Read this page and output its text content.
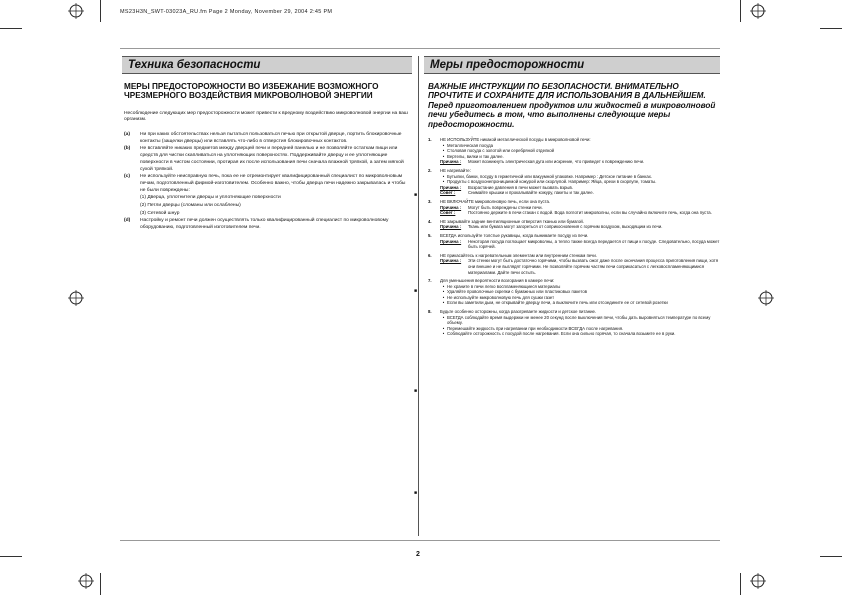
MS23H3N_SWT-03023A_RU.fm Page 2 Monday, November 29, 2004 2:45 PM
Техника безопасности	Меры предосторожности
МЕРЫ ПРЕДОСТОРОЖНОСТИ ВО ИЗБЕЖАНИЕ ВОЗМОЖНОГО ЧРЕЗМЕРНОГО ВОЗДЕЙСТВИЯ МИКРОВОЛНОВОЙ ЭНЕРГИИ
Несоблюдение следующих мер предосторожности может привести к вредному воздействию микроволновой энергии на ваш организм.
(a)	Ни при каких обстоятельствах нельзя пытаться пользоваться печью при открытой дверце, портить блокировочные контакты (защелки дверцы) или вставлять что-либо в отверстия блокировочных контактов.
(b)	Не вставляйте никаких предметов между дверцей печи и передней панелью и не позволяйте остаткам пищи или средств для чистки скапливаться на уплотняющих поверхностях. Поддерживайте дверцу и ее уплотняющие поверхности в чистом состоянии, протирая их после использования печи сначала влажной тряпкой, а затем мягкой сухой тряпкой.
(c)	Не используйте неисправную печь, пока ее не отремонтирует квалифицированный специалист по микроволновым печам, подготовленный фирмой-изготовителем. Особенно важно, чтобы дверца печи надежно закрывалась и чтобы не были повреждены:
(1) Дверца, уплотнители дверцы и уплотняющие поверхности
(2) Петли дверцы (сломаны или ослаблены)
(3) Сетевой шнур
(d)	Настройку и ремонт печи должен осуществлять только квалифицированный специалист по микроволновому оборудованию, подготовленный изготовителем печи.
ВАЖНЫЕ ИНСТРУКЦИИ ПО БЕЗОПАСНОСТИ. ВНИМАТЕЛЬНО ПРОЧТИТЕ И СОХРАНИТЕ ДЛЯ ИСПОЛЬЗОВАНИЯ В ДАЛЬНЕЙШЕМ.
Перед приготовлением продуктов или жидкостей в микроволновой печи убедитесь в том, что выполнены следующие меры предосторожности.
1.	НЕ ИСПОЛЬЗУЙТЕ никакой металлической посуды в микроволновой печи:
• Металлическая посуда
• Столовая посуда с золотой или серебряной отделкой
• Вертелы, вилки и так далее.
Причина :	Может возникнуть электрическая дуга или искрение, что приведет к повреждению печи.
2.	НЕ нагревайте:
• Бутылки, банки, посуду в герметичной или вакуумной упаковке. Например : Детское питание в банках.
• Продукты с воздухонепроницаемой кожурой или скорлупой. Например: Яйца, орехи в скорлупе, томаты.
Причина :	Возрастание давления в печи может вызвать взрыв.
Совет :	Снимайте крышки и прокалывайте кожуру, пакеты и так далее.
3.	НЕ ВКЛЮЧАЙТЕ микроволновую печь, если она пуста.
Причина :	Могут быть повреждены стенки печи.
Совет :	Постоянно держите в печи стакан с водой. Вода поглотит микроволны, если вы случайно включите печь, когда она пуста.
4.	НЕ закрывайте задние вентиляционные отверстия тканью или бумагой.
Причина :	Ткань или бумага могут загореться от соприкосновения с горячим воздухом, выходящим из печи.
5.	ВСЕГДА используйте толстые рукавицы, когда вынимаете посуду из печи.
Причина :	Некоторая посуда поглощает микроволны, а тепло также всегда передается от пищи к посуде. Следовательно, посуда может быть горячей.
6.	НЕ прикасайтесь к нагревательным элементам или внутренним стенкам печи.
Причина :	Эти стенки могут быть достаточно горячими, чтобы вызвать ожог даже после окончания процесса приготовления пищи, хотя они внешне и не выглядят горячими. Не позволяйте горячим частям печи соприкасаться с легковоспламеняющимися материалами. Дайте печи остыть.
7.	Для уменьшения вероятности возгорания в камере печи:
• Не храните в печи легко воспламеняющиеся материалы
• Удаляйте проволочные скрепки с бумажных или пластиковых пакетов
• Не используйте микроволновую печь для сушки газет
• Если вы заметили дым, не открывайте дверцу печи, а выключите печь или отсоедините ее от сетевой розетки
8.	Будьте особенно осторожны, когда разогреваете жидкости и детское питание.
• ВСЕГДА соблюдайте время выдержки не менее 20 секунд после выключения печи, чтобы дать выровняться температуре по всему объему.
• Перемешайте жидкость при нагревании при необходимости ВСЕГДА после нагревания.
• Соблюдайте осторожность с посудой после нагревания. Если она сильно горячая, то сначала возьмите ее в руки.
■
■
■
■
2
